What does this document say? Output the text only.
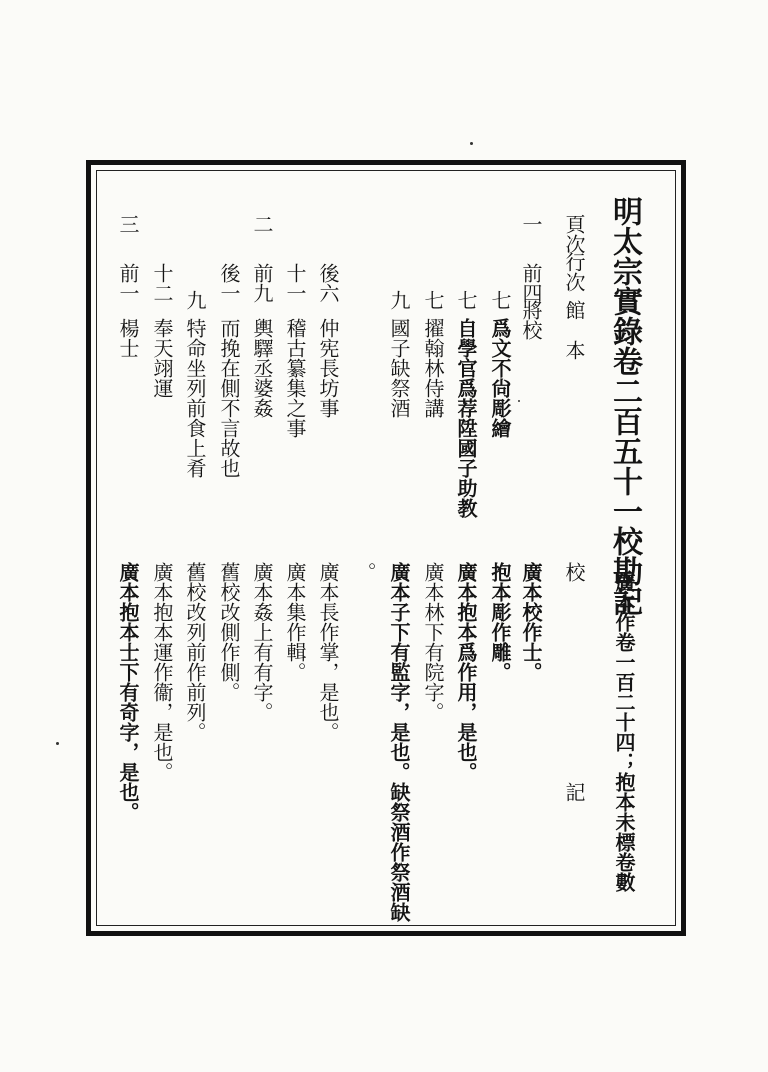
明太宗實錄卷二百五十一校勘記
廣本作卷一百二十四；抱本未標卷數
頁次
行次
館　本
校　　　　　　　　　　記
一
前四
將校
廣本校作士。
七
爲文不尙彫繪
抱本彫作雕。
七
自學官爲荐陞國子助教
廣本抱本爲作用，是也。
七
擢翰林侍講
廣本林下有院字。
九
國子缺祭酒
廣本子下有監字，是也。缺祭酒作祭酒缺
。
後六
仲宪長坊事
廣本長作掌，是也。
十一
稽古纂集之事
廣本集作輯。
二
前九
輿驛丞婆姦
廣本姦上有有字。
後一
而挽在側不言故也
舊校改側作側。
九
特命坐列前食上肴
舊校改列前作前列。
十二
奉天翊運
廣本抱本運作衞，是也。
三
前一
楊士
廣本抱本士下有奇字，是也。
